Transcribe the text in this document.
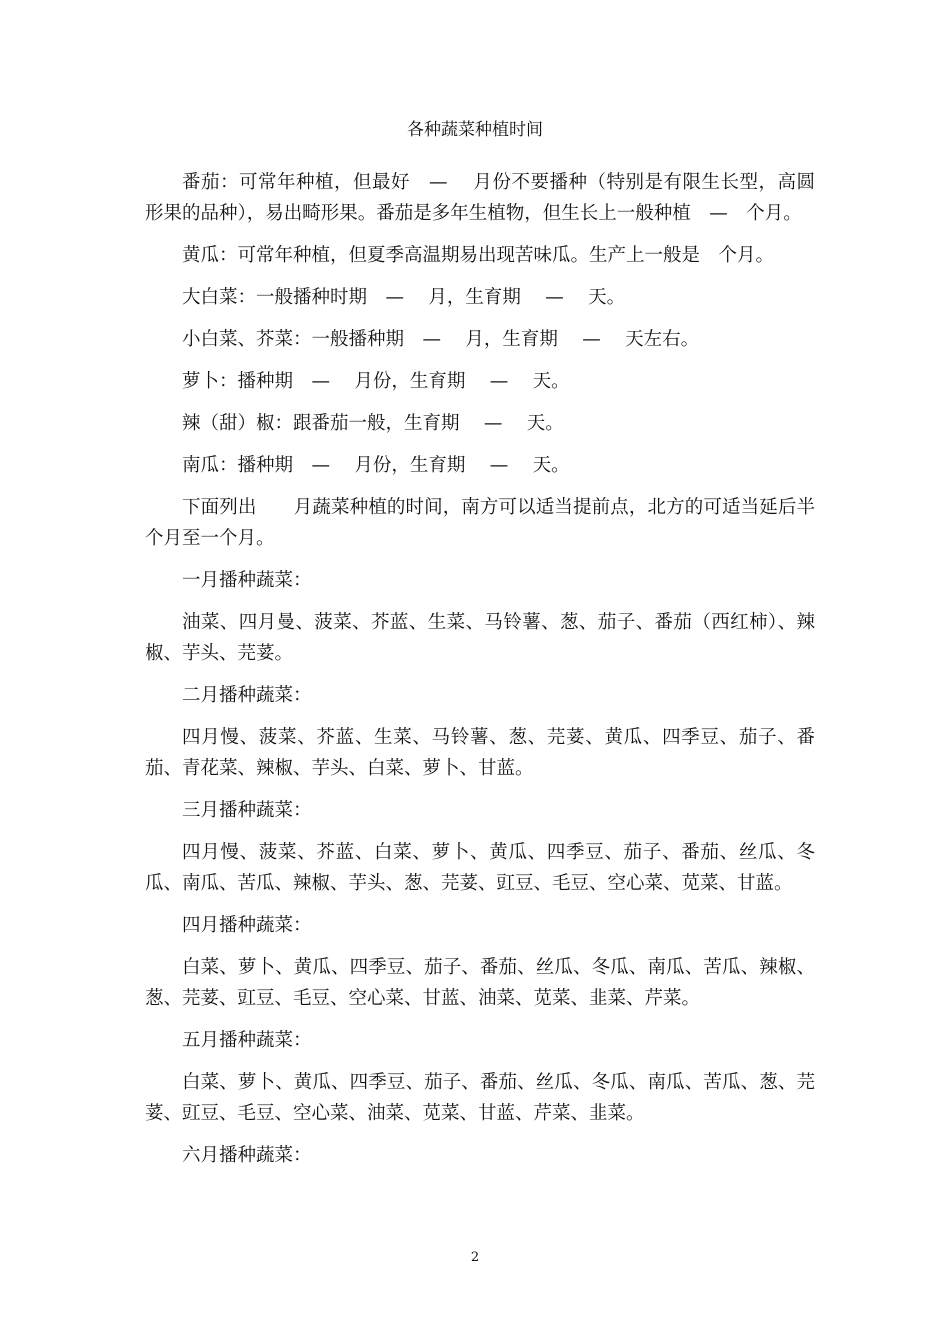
各种蔬菜种植时间

番茄：可常年种植，但最好　—　 月份不要播种（特别是有限生长型，高圆形果的品种），易出畸形果。番茄是多年生植物，但生长上一般种植　—　个月。

黄瓜：可常年种植，但夏季高温期易出现苦味瓜。生产上一般是　个月。

大白菜：一般播种时期　—　 月，生育期　 —　 天。

小白菜、芥菜：一般播种期　—　 月，生育期　 —　 天左右。

萝卜：播种期　—　 月份，生育期　 —　 天。

辣（甜）椒：跟番茄一般，生育期　 —　 天。

南瓜：播种期　—　 月份，生育期　 —　 天。

下面列出　　月蔬菜种植的时间，南方可以适当提前点，北方的可适当延后半个月至一个月。

一月播种蔬菜：

油菜、四月曼、菠菜、芥蓝、生菜、马铃薯、葱、茄子、番茄（西红柿）、辣椒、芋头、芫荽。

二月播种蔬菜：

四月慢、菠菜、芥蓝、生菜、马铃薯、葱、芫荽、黄瓜、四季豆、茄子、番茄、青花菜、辣椒、芋头、白菜、萝卜、甘蓝。

三月播种蔬菜：

四月慢、菠菜、芥蓝、白菜、萝卜、黄瓜、四季豆、茄子、番茄、丝瓜、冬瓜、南瓜、苦瓜、辣椒、芋头、葱、芫荽、豇豆、毛豆、空心菜、苋菜、甘蓝。

四月播种蔬菜：

白菜、萝卜、黄瓜、四季豆、茄子、番茄、丝瓜、冬瓜、南瓜、苦瓜、辣椒、葱、芫荽、豇豆、毛豆、空心菜、甘蓝、油菜、苋菜、韭菜、芹菜。

五月播种蔬菜：

白菜、萝卜、黄瓜、四季豆、茄子、番茄、丝瓜、冬瓜、南瓜、苦瓜、葱、芫荽、豇豆、毛豆、空心菜、油菜、苋菜、甘蓝、芹菜、韭菜。

六月播种蔬菜：

2
